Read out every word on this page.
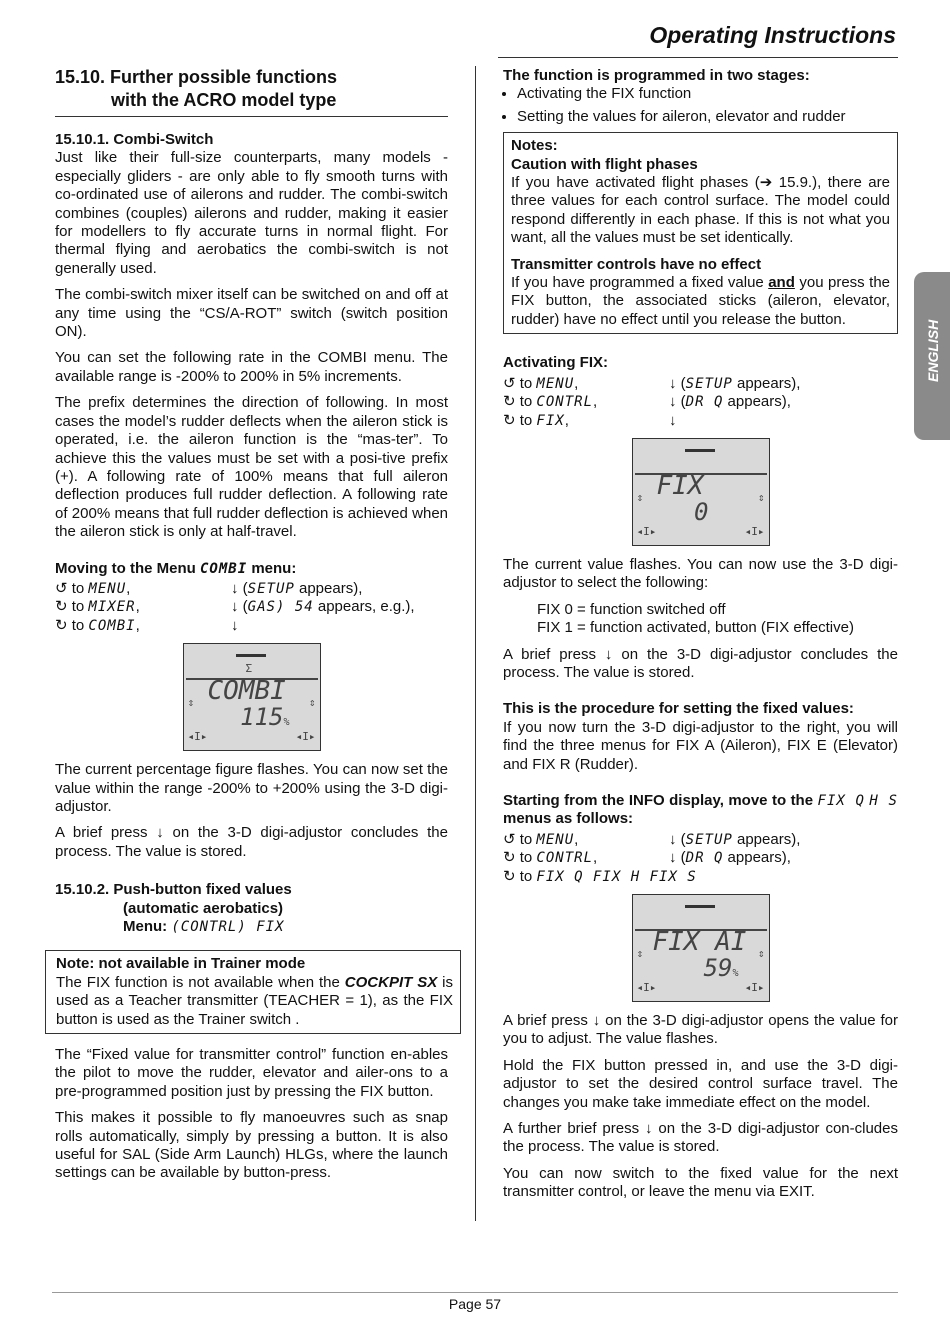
Operating Instructions
ENGLISH
15.10. Further possible functions
with the ACRO model type

15.10.1. Combi-Switch

Just like their full-size counterparts, many models - especially gliders - are only able to fly smooth turns with co-ordinated use of ailerons and rudder. The combi-switch combines (couples) ailerons and rudder, making it easier for modellers to fly accurate turns in normal flight. For thermal flying and aerobatics the combi-switch is not generally used.

The combi-switch mixer itself can be switched on and off at any time using the “CS/A-ROT” switch (switch position ON).

You can set the following rate in the COMBI menu. The available range is -200% to 200% in 5% increments.

The prefix determines the direction of following. In most cases the model’s rudder deflects when the aileron stick is operated, i.e. the aileron function is the “mas-ter”. To achieve this the values must be set with a posi-tive prefix (+). A following rate of 100% means that full aileron deflection produces full rudder deflection. A following rate of 200% means that full rudder deflection is achieved when the aileron stick is only at half-travel.

Moving to the Menu COMBI menu:

↺ to MENU,	↓ (SETUP appears),
↻ to MIXER,	↓ (GAS) 54 appears, e.g.),
↻ to COMBI,	↓
Σ
COMBI
115%
⇕	⇕
◂I▸	◂I▸

The current percentage figure flashes. You can now set the value within the range -200% to +200% using the 3-D digi-adjustor.

A brief press ↓ on the 3-D digi-adjustor concludes the process. The value is stored.

15.10.2. Push-button fixed values
(automatic aerobatics)
Menu: (CONTRL) FIX
Note: not available in Trainer mode
The FIX function is not available when the COCKPIT SX is used as a Teacher transmitter (TEACHER = 1), as the FIX button is used as the Trainer switch .

The “Fixed value for transmitter control” function en-ables the pilot to move the rudder, elevator and ailer-ons to a pre-programmed position just by pressing the FIX button.

This makes it possible to fly manoeuvres such as snap rolls automatically, simply by pressing a button. It is also useful for SAL (Side Arm Launch) HLGs, where the launch settings can be available by button-press.

The function is programmed in two stages:

• Activating the FIX function
• Setting the values for aileron, elevator and rudder
Notes:
Caution with flight phases

If you have activated flight phases (➔ 15.9.), there are three values for each control surface. The model could respond differently in each phase. If this is not what you want, all the values must be set identically.

Transmitter controls have no effect
If you have programmed a fixed value and you press the FIX button, the associated sticks (aileron, elevator, rudder) have no effect until you release the button.

Activating FIX:

↺ to MENU,	↓ (SETUP appears),
↻ to CONTRL,	↓ (DR Q appears),
↻ to FIX,	↓
FIX
0
⇕	⇕
◂I▸	◂I▸

The current value flashes. You can now use the 3-D digi-adjustor to select the following:

FIX 0 = function switched off

FIX 1 = function activated, button (FIX effective)

A brief press ↓ on the 3-D digi-adjustor concludes the process. The value is stored.

This is the procedure for setting the fixed values:

If you now turn the 3-D digi-adjustor to the right, you will find the three menus for FIX A (Aileron), FIX E (Elevator) and FIX R (Rudder).

Starting from the INFO display, move to the FIX Q H S menus as follows:

↺ to MENU,	↓ (SETUP appears),
↻ to CONTRL,	↓ (DR Q appears),
↻ to FIX Q FIX H FIX S
FIX AI
59%
⇕	⇕
◂I▸	◂I▸

A brief press ↓ on the 3-D digi-adjustor opens the value for you to adjust. The value flashes.

Hold the FIX button pressed in, and use the 3-D digi-adjustor to set the desired control surface travel. The changes you make take immediate effect on the model.

A further brief press ↓ on the 3-D digi-adjustor con-cludes the process. The value is stored.

You can now switch to the fixed value for the next transmitter control, or leave the menu via EXIT.

Page 57
